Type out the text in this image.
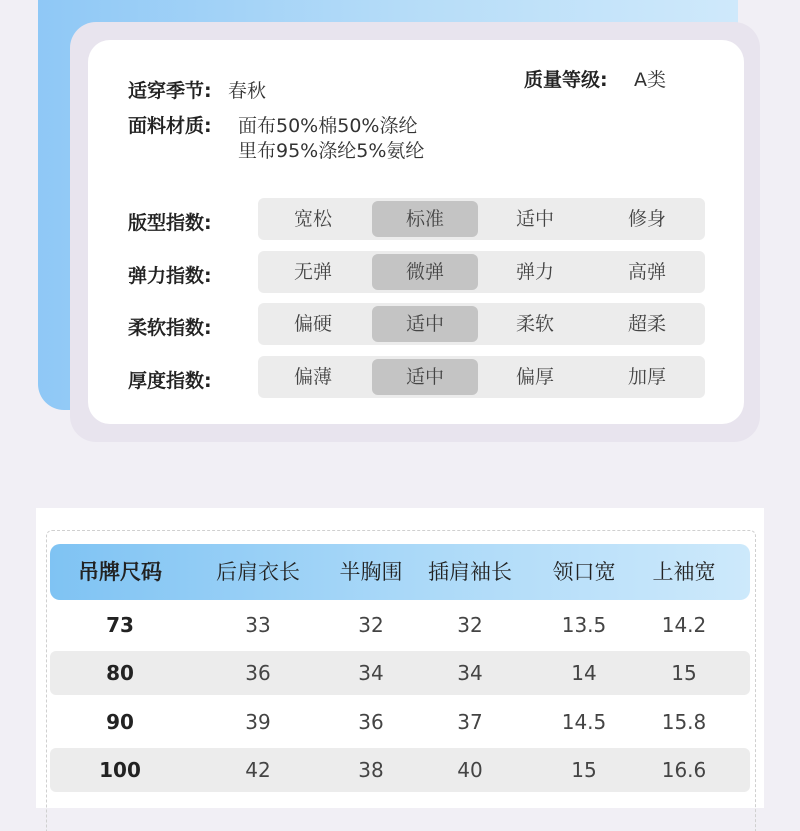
适穿季节: 春秋	质量等级: A类
面料材质: 面布50%棉50%涤纶
里布95%涤纶5%氨纶
版型指数:	宽松	标准	适中	修身
弹力指数:	无弹	微弹	弹力	高弹
柔软指数:	偏硬	适中	柔软	超柔
厚度指数:	偏薄	适中	偏厚	加厚
吊牌尺码	后肩衣长	半胸围	插肩袖长	领口宽	上袖宽
73	33	32	32	13.5	14.2
80	36	34	34	14	15
90	39	36	37	14.5	15.8
100	42	38	40	15	16.6
